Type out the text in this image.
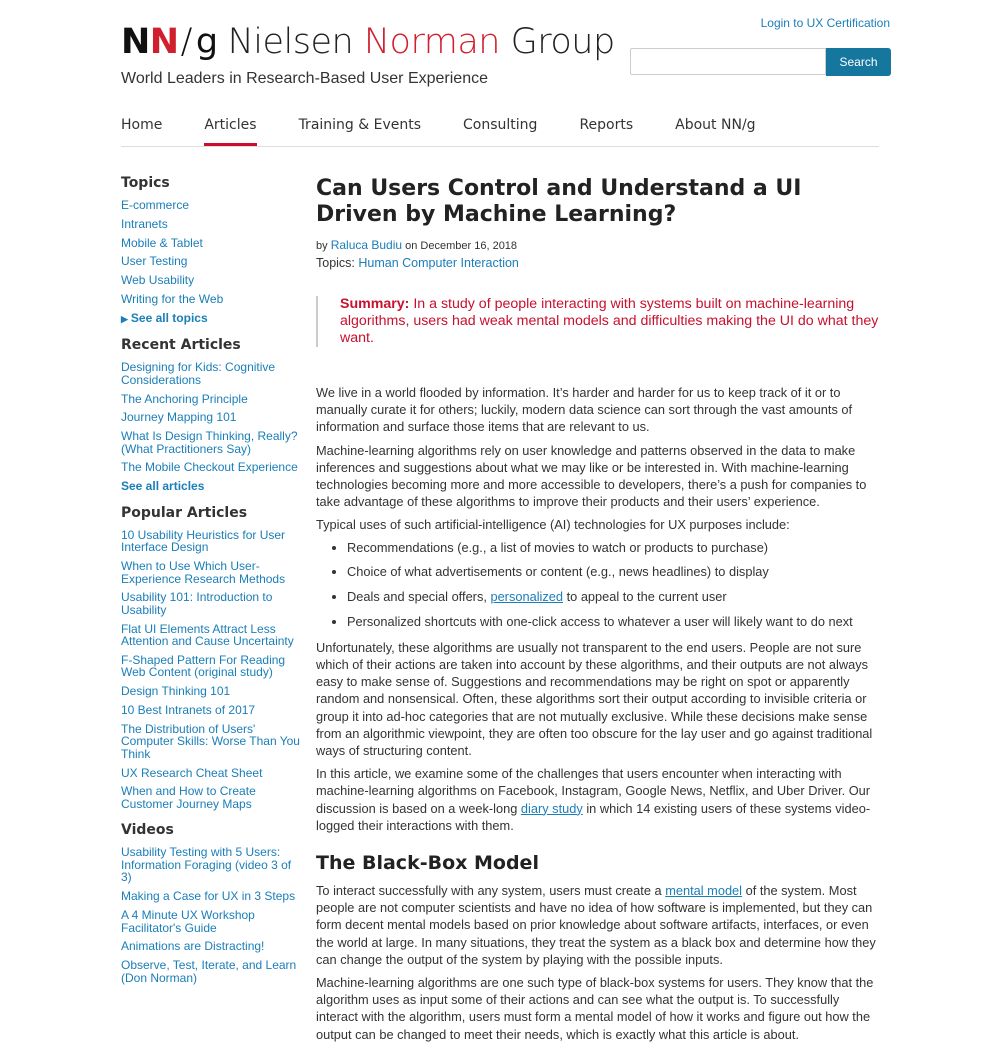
NN / g Nielsen Norman Group
World Leaders in Research-Based User Experience
Login to UX Certification
Search
Home	Articles	Training & Events	Consulting	Reports	About NN/g
Topics
E-commerce
Intranets
Mobile & Tablet
User Testing
Web Usability
Writing for the Web
▶ See all topics
Recent Articles
Designing for Kids: Cognitive Considerations
The Anchoring Principle
Journey Mapping 101
What Is Design Thinking, Really? (What Practitioners Say)
The Mobile Checkout Experience
See all articles
Popular Articles
10 Usability Heuristics for User Interface Design
When to Use Which User-Experience Research Methods
Usability 101: Introduction to Usability
Flat UI Elements Attract Less Attention and Cause Uncertainty
F-Shaped Pattern For Reading Web Content (original study)
Design Thinking 101
10 Best Intranets of 2017
The Distribution of Users' Computer Skills: Worse Than You Think
UX Research Cheat Sheet
When and How to Create Customer Journey Maps
Videos
Usability Testing with 5 Users: Information Foraging (video 3 of 3)
Making a Case for UX in 3 Steps
A 4 Minute UX Workshop Facilitator's Guide
Animations are Distracting!
Observe, Test, Iterate, and Learn (Don Norman)
Can Users Control and Understand a UI Driven by Machine Learning?
by Raluca Budiu on December 16, 2018
Topics: Human Computer Interaction
Summary: In a study of people interacting with systems built on machine-learning algorithms, users had weak mental models and difficulties making the UI do what they want.

We live in a world flooded by information. It’s harder and harder for us to keep track of it or to manually curate it for others; luckily, modern data science can sort through the vast amounts of information and surface those items that are relevant to us.

Machine-learning algorithms rely on user knowledge and patterns observed in the data to make inferences and suggestions about what we may like or be interested in. With machine-learning technologies becoming more and more accessible to developers, there’s a push for companies to take advantage of these algorithms to improve their products and their users’ experience.

Typical uses of such artificial-intelligence (AI) technologies for UX purposes include:

• Recommendations (e.g., a list of movies to watch or products to purchase)
• Choice of what advertisements or content (e.g., news headlines) to display
• Deals and special offers, personalized to appeal to the current user
• Personalized shortcuts with one-click access to whatever a user will likely want to do next

Unfortunately, these algorithms are usually not transparent to the end users. People are not sure which of their actions are taken into account by these algorithms, and their outputs are not always easy to make sense of. Suggestions and recommendations may be right on spot or apparently random and nonsensical. Often, these algorithms sort their output according to invisible criteria or group it into ad-hoc categories that are not mutually exclusive. While these decisions make sense from an algorithmic viewpoint, they are often too obscure for the lay user and go against traditional ways of structuring content.

In this article, we examine some of the challenges that users encounter when interacting with machine-learning algorithms on Facebook, Instagram, Google News, Netflix, and Uber Driver. Our discussion is based on a week-long diary study in which 14 existing users of these systems video-logged their interactions with them.

The Black-Box Model

To interact successfully with any system, users must create a mental model of the system. Most people are not computer scientists and have no idea of how software is implemented, but they can form decent mental models based on prior knowledge about software artifacts, interfaces, or even the world at large. In many situations, they treat the system as a black box and determine how they can change the output of the system by playing with the possible inputs.

Machine-learning algorithms are one such type of black-box systems for users. They know that the algorithm uses as input some of their actions and can see what the output is. To successfully interact with the algorithm, users must form a mental model of how it works and figure out how the output can be changed to meet their needs, which is exactly what this article is about.
